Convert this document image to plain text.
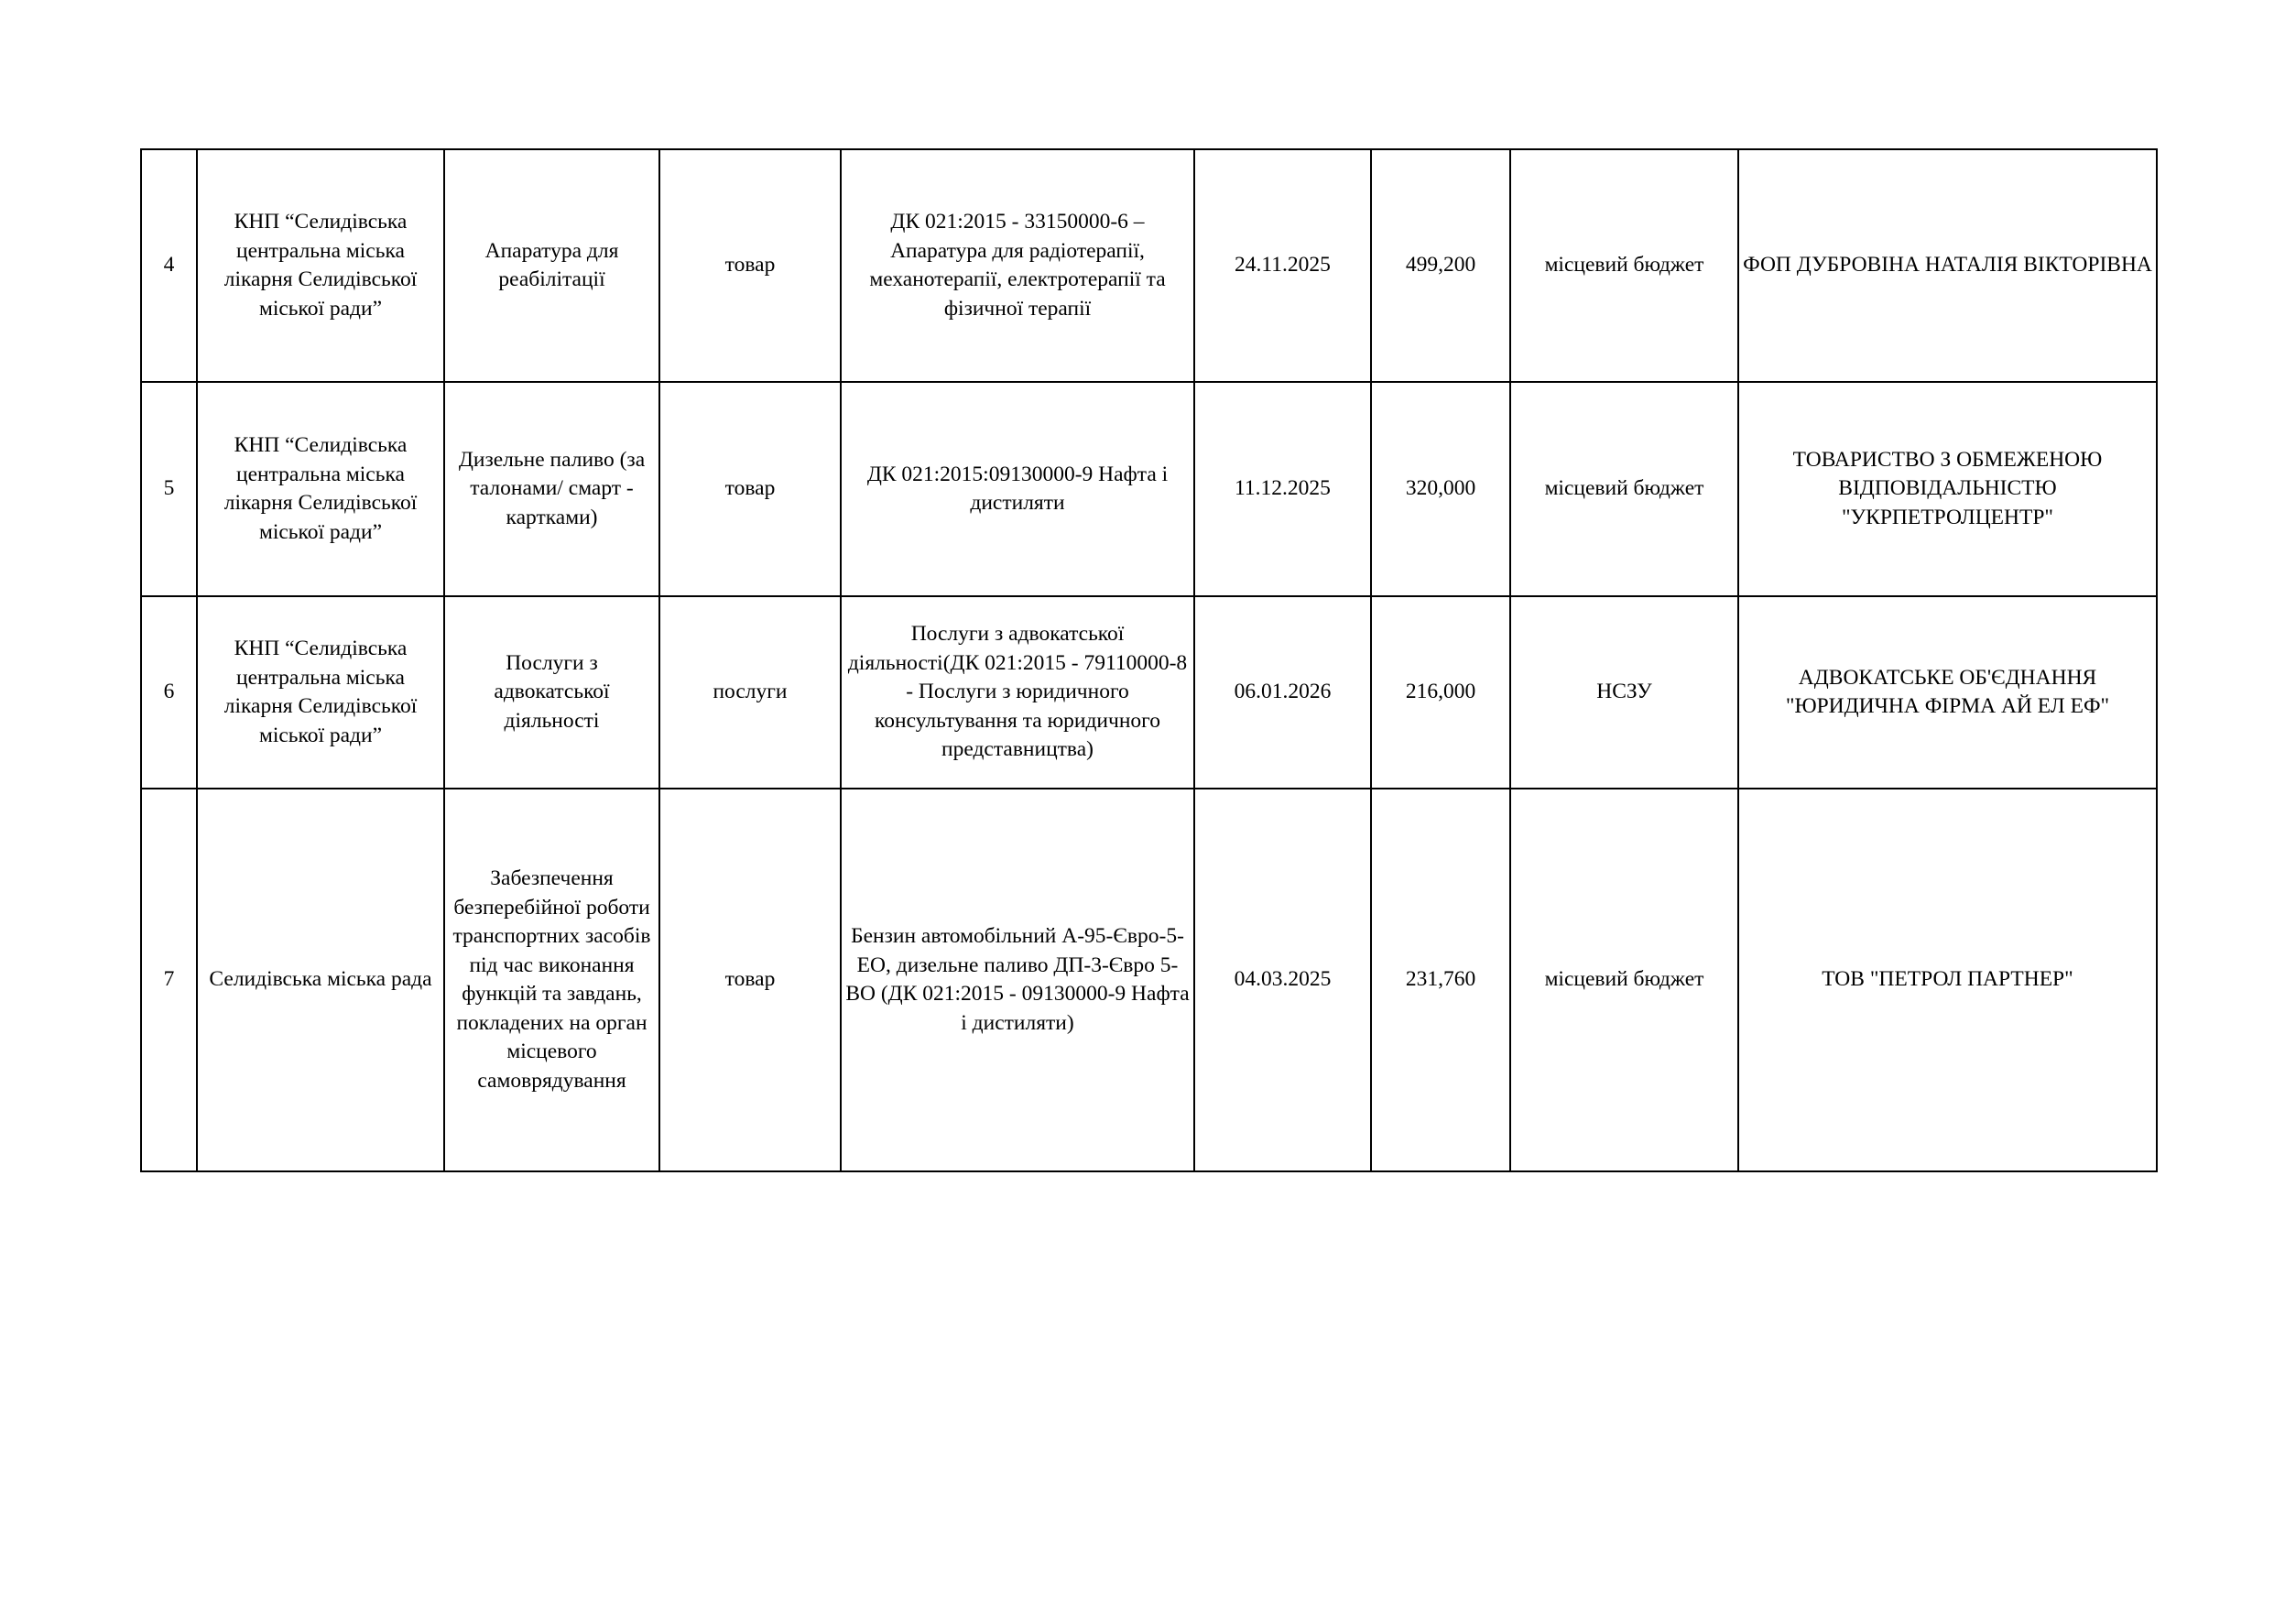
4	КНП “Селидівська центральна міська лікарня Селидівської міської ради”	Апаратура для реабілітації	товар	ДК 021:2015 - 33150000-6 – Апаратура для радіотерапії, механотерапії, електротерапії та фізичної терапії	24.11.2025	499,200	місцевий бюджет	ФОП ДУБРОВІНА НАТАЛІЯ ВІКТОРІВНА
5	КНП “Селидівська центральна міська лікарня Селидівської міської ради”	Дизельне паливо (за талонами/ смарт - картками)	товар	ДК 021:2015:09130000-9 Нафта і дистиляти	11.12.2025	320,000	місцевий бюджет	ТОВАРИСТВО З ОБМЕЖЕНОЮ ВІДПОВІДАЛЬНІСТЮ "УКРПЕТРОЛЦЕНТР"
6	КНП “Селидівська центральна міська лікарня Селидівської міської ради”	Послуги з адвокатської діяльності	послуги	Послуги з адвокатської діяльності(ДК 021:2015 - 79110000-8 - Послуги з юридичного консультування та юридичного представництва)	06.01.2026	216,000	НСЗУ	АДВОКАТСЬКЕ ОБ'ЄДНАННЯ "ЮРИДИЧНА ФІРМА АЙ ЕЛ ЕФ"
7	Селидівська міська рада	Забезпечення безперебійної роботи транспортних засобів під час виконання функцій та завдань, покладених на орган місцевого самоврядування	товар	Бензин автомобільний А-95-Євро-5-ЕО, дизельне паливо ДП-3-Євро 5-ВО (ДК 021:2015 - 09130000-9 Нафта і дистиляти)	04.03.2025	231,760	місцевий бюджет	ТОВ "ПЕТРОЛ ПАРТНЕР"
